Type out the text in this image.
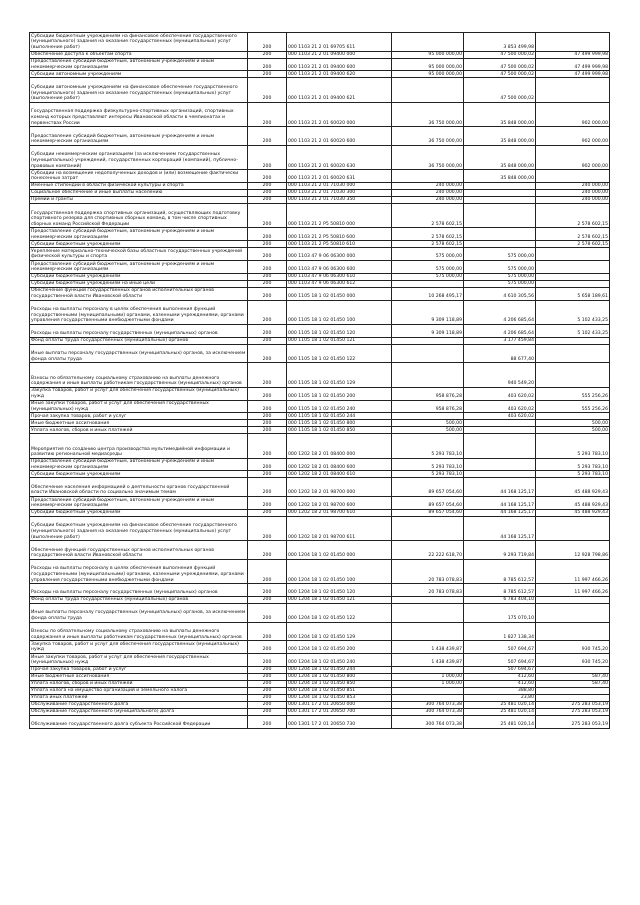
Субсидии бюджетным учреждениям на финансовое обеспечение государственного (муниципального) задания на оказание государственных (муниципальных) услуг (выполнение работ)	200	000 1103 21 2 01 69705 611		3 853 499,98	
Обеспечение доступа к объектам спорта	200	000 1103 21 2 01 09400 000	95 000 000,00	47 500 000,02	47 499 999,98
Предоставление субсидий бюджетным, автономным учреждениям и иным некоммерческим организациям	200	000 1103 21 2 01 09400 600	95 000 000,00	47 500 000,02	47 499 999,98
Субсидии автономным учреждениям	200	000 1103 21 2 01 09400 620	95 000 000,00	47 500 000,02	47 499 999,98
Субсидии автономным учреждениям на финансовое обеспечение государственного (муниципального) задания на оказание государственных (муниципальных) услуг (выполнение работ)	200	000 1103 21 2 01 09400 621		47 500 000,02	
Государственная поддержка физкультурно-спортивных организаций, спортивных команд которых представляют интересы Ивановской области в чемпионатах и первенствах России	200	000 1103 21 2 01 60020 000	36 750 000,00	35 848 000,00	902 000,00
Предоставление субсидий бюджетным, автономным учреждениям и иным некоммерческим организациям	200	000 1103 21 2 01 60020 600	36 750 000,00	35 848 000,00	902 000,00
Субсидии некоммерческим организациям (за исключением государственных (муниципальных) учреждений, государственных корпораций (компаний), публично-правовых компаний)	200	000 1103 21 2 01 60020 630	36 750 000,00	35 848 000,00	902 000,00
Субсидии на возмещение недополученных доходов и (или) возмещение фактически понесенных затрат	200	000 1103 21 2 01 60020 631		35 848 000,00	
Именные стипендии в области физической культуры и спорта	200	000 1103 21 2 01 71030 000	240 000,00		240 000,00
Социальное обеспечение и иные выплаты населению	200	000 1103 21 2 01 71030 300	240 000,00		240 000,00
Премии и гранты	200	000 1103 21 2 01 71030 350	240 000,00		240 000,00
Государственная поддержка спортивных организаций, осуществляющих подготовку спортивного резерва для спортивных сборных команд, в том числе спортивных сборных команд Российской Федерации	200	000 1103 21 2 P5 50810 000	2 578 602,15		2 578 602,15
Предоставление субсидий бюджетным, автономным учреждениям и иным некоммерческим организациям	200	000 1103 21 2 P5 50810 600	2 578 602,15		2 578 602,15
Субсидии бюджетным учреждениям	200	000 1103 21 2 P5 50810 610	2 578 602,15		2 578 602,15
Укрепление материально-технической базы областных государственных учреждений физической культуры и спорта	200	000 1103 47 9 06 06300 000	575 000,00	575 000,00	
Предоставление субсидий бюджетным, автономным учреждениям и иным некоммерческим организациям	200	000 1103 47 9 06 06300 600	575 000,00	575 000,00	
Субсидии бюджетным учреждениям	200	000 1103 47 9 06 06300 610	575 000,00	575 000,00	
Субсидии бюджетным учреждениям на иные цели	200	000 1103 47 9 06 06300 612		575 000,00	
Обеспечение функций государственных органов исполнительных органов государственной власти Ивановской области	200	000 1105 18 1 02 01450 000	10 268 495,17	4 610 305,56	5 658 189,61
Расходы на выплаты персоналу в целях обеспечения выполнения функций государственными (муниципальными) органами, казенными учреждениями, органами управления государственными внебюджетными фондами	200	000 1105 18 1 02 01450 100	9 309 118,89	4 206 685,64	5 102 433,25
Расходы на выплаты персоналу государственных (муниципальных) органов	200	000 1105 18 1 02 01450 120	9 309 118,89	4 206 685,64	5 102 433,25
Фонд оплаты труда государственных (муниципальных) органов	200	000 1105 18 1 02 01450 121		3 177 459,84	
Иные выплаты персоналу государственных (муниципальных) органов, за исключением фонда оплаты труда	200	000 1105 18 1 02 01450 122		88 677,40	
Взносы по обязательному социальному страхованию на выплаты денежного содержания и иные выплаты работникам государственных (муниципальных) органов	200	000 1105 18 1 02 01450 129		940 549,20	
Закупка товаров, работ и услуг для обеспечения государственных (муниципальных) нужд	200	000 1105 18 1 02 01450 200	958 876,28	403 620,02	555 256,26
Иные закупки товаров, работ и услуг для обеспечения государственных (муниципальных) нужд	200	000 1105 18 1 02 01450 240	958 876,28	403 620,02	555 256,26
Прочая закупка товаров, работ и услуг	200	000 1105 18 1 02 01450 244		403 620,02	
Иные бюджетные ассигнования	200	000 1105 18 1 02 01450 800	500,00		500,00
Уплата налогов, сборов и иных платежей	200	000 1105 18 1 02 01450 850	500,00		500,00
Мероприятия по созданию центра производства мультимедийной информации и развитию региональной медиасреды	200	000 1202 18 2 01 08400 000	5 293 783,10		5 293 783,10
Предоставление субсидий бюджетным, автономным учреждениям и иным некоммерческим организациям	200	000 1202 18 2 01 08400 600	5 293 783,10		5 293 783,10
Субсидии бюджетным учреждениям	200	000 1202 18 2 01 08400 610	5 293 783,10		5 293 783,10
Обеспечение населения информацией о деятельности органов государственной власти Ивановской области по социально значимым темам	200	000 1202 18 2 01 98700 000	89 657 054,60	44 168 125,17	45 488 929,43
Предоставление субсидий бюджетным, автономным учреждениям и иным некоммерческим организациям	200	000 1202 18 2 01 98700 600	89 657 054,60	44 168 125,17	45 488 929,43
Субсидии бюджетным учреждениям	200	000 1202 18 2 01 98700 610	89 657 054,60	44 168 125,17	45 488 929,43
Субсидии бюджетным учреждениям на финансовое обеспечение государственного (муниципального) задания на оказание государственных (муниципальных) услуг (выполнение работ)	200	000 1202 18 2 01 98700 611		44 168 125,17	
Обеспечение функций государственных органов исполнительных органов государственной власти Ивановской области	200	000 1204 18 1 02 01450 000	22 222 618,70	9 293 719,84	12 928 798,86
Расходы на выплаты персоналу в целях обеспечения выполнения функций государственными (муниципальными) органами, казенными учреждениями, органами управления государственными внебюджетными фондами	200	000 1204 18 1 02 01450 100	20 783 078,83	8 785 612,57	11 997 466,26
Расходы на выплаты персоналу государственных (муниципальных) органов	200	000 1204 18 1 02 01450 120	20 783 078,83	8 785 612,57	11 997 466,26
Фонд оплаты труда государственных (муниципальных) органов	200	000 1204 18 1 02 01450 121		6 783 404,10	
Иные выплаты персоналу государственных (муниципальных) органов, за исключением фонда оплаты труда	200	000 1204 18 1 02 01450 122		175 070,10	
Взносы по обязательному социальному страхованию на выплаты денежного содержания и иные выплаты работникам государственных (муниципальных) органов	200	000 1204 18 1 02 01450 129		1 827 138,34	
Закупка товаров, работ и услуг для обеспечения государственных (муниципальных) нужд	200	000 1204 18 1 02 01450 200	1 438 439,87	507 694,67	930 745,20
Иные закупки товаров, работ и услуг для обеспечения государственных (муниципальных) нужд	200	000 1204 18 1 02 01450 240	1 438 439,87	507 694,67	930 745,20
Прочая закупка товаров, работ и услуг	200	000 1204 18 1 02 01450 244		507 694,67	
Иные бюджетные ассигнования	200	000 1204 18 1 02 01450 800	1 000,00	412,60	587,40
Уплата налогов, сборов и иных платежей	200	000 1204 18 1 02 01450 850	1 000,00	412,60	587,40
Уплата налога на имущество организаций и земельного налога	200	000 1204 18 1 02 01450 851		388,80	
Уплата иных платежей	200	000 1204 18 1 02 01450 853		23,80	
Обслуживание государственного долга	200	000 1301 17 2 01 20650 000	300 764 073,38	25 481 020,14	275 283 053,19
Обслуживание государственного (муниципального) долга	200	000 1301 17 2 01 20650 700	300 764 073,38	25 481 020,14	275 283 053,19
Обслуживание государственного долга субъекта Российской Федерации	200	000 1301 17 2 01 20650 730	300 764 073,38	25 481 020,14	275 283 053,19
